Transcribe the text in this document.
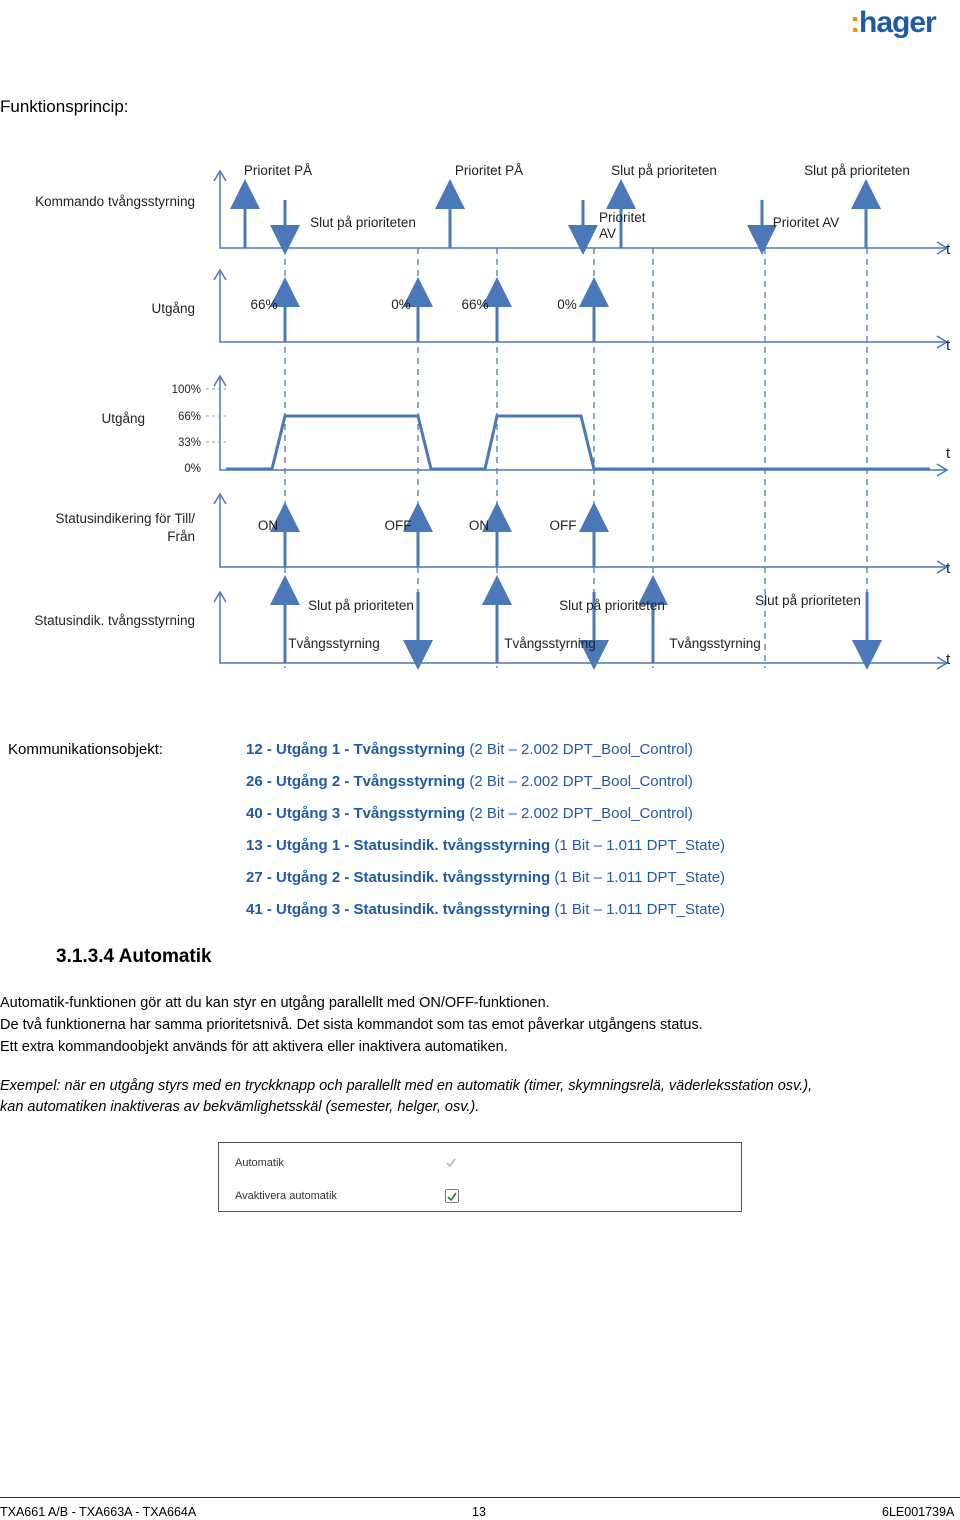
:hager
Funktionsprincip:
Kommando tvångsstyrning
Prioritet PÅ	Prioritet PÅ	Slut på prioriteten	Slut på prioriteten
Slut på prioriteten	Prioritet
AV
Prioritet AV
t
Utgång	66%	0%	66%	0%
t
Utgång
100%
66%
33%
0%
t
Statusindikering för Till/
Från
ON	OFF	ON	OFF
t
Statusindik. tvångsstyrning
Slut på prioriteten	Slut på prioriteten	Slut på prioriteten
Tvångsstyrning	Tvångsstyrning	Tvångsstyrning
t
Kommunikationsobjekt:	12 - Utgång 1 - Tvångsstyrning (2 Bit – 2.002 DPT_Bool_Control)
26 - Utgång 2 - Tvångsstyrning (2 Bit – 2.002 DPT_Bool_Control)
40 - Utgång 3 - Tvångsstyrning (2 Bit – 2.002 DPT_Bool_Control)
13 - Utgång 1 - Statusindik. tvångsstyrning (1 Bit – 1.011 DPT_State)
27 - Utgång 2 - Statusindik. tvångsstyrning (1 Bit – 1.011 DPT_State)
41 - Utgång 3 - Statusindik. tvångsstyrning (1 Bit – 1.011 DPT_State)
3.1.3.4 Automatik
Automatik-funktionen gör att du kan styr en utgång parallellt med ON/OFF-funktionen.
De två funktionerna har samma prioritetsnivå. Det sista kommandot som tas emot påverkar utgångens status.
Ett extra kommandoobjekt används för att aktivera eller inaktivera automatiken.
Exempel: när en utgång styrs med en tryckknapp och parallellt med en automatik (timer, skymningsrelä, väderleksstation osv.),
kan automatiken inaktiveras av bekvämlighetsskäl (semester, helger, osv.).
Automatik
Avaktivera automatik
TXA661 A/B - TXA663A - TXA664A	13	6LE001739A
